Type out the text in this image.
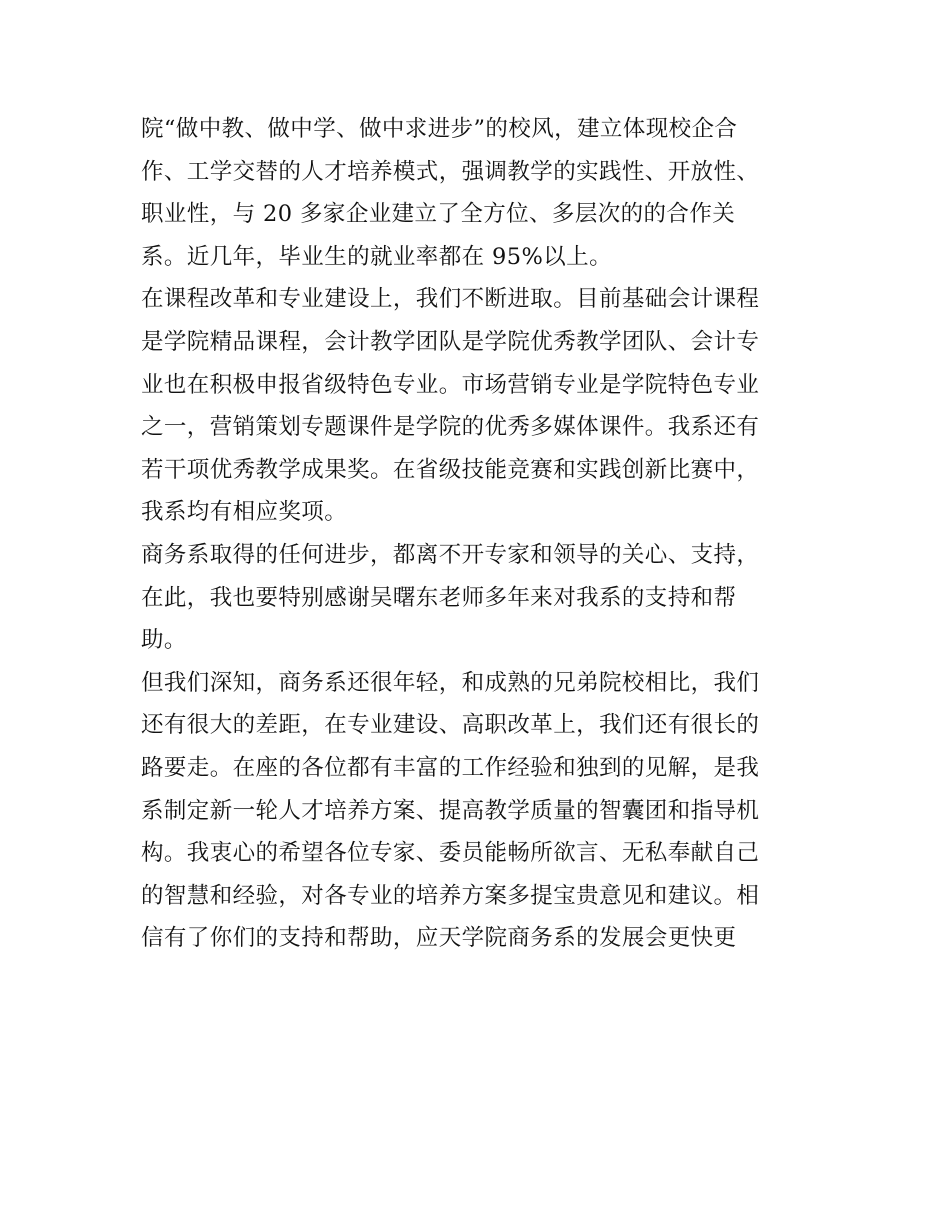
院“做中教、做中学、做中求进步”的校风，建立体现校企合
作、工学交替的人才培养模式，强调教学的实践性、开放性、
职业性，与 20 多家企业建立了全方位、多层次的的合作关
系。近几年，毕业生的就业率都在 95%以上。
在课程改革和专业建设上，我们不断进取。目前基础会计课程
是学院精品课程，会计教学团队是学院优秀教学团队、会计专
业也在积极申报省级特色专业。市场营销专业是学院特色专业
之一，营销策划专题课件是学院的优秀多媒体课件。我系还有
若干项优秀教学成果奖。在省级技能竞赛和实践创新比赛中，
我系均有相应奖项。
商务系取得的任何进步，都离不开专家和领导的关心、支持，
在此，我也要特别感谢吴曙东老师多年来对我系的支持和帮
助。
但我们深知，商务系还很年轻，和成熟的兄弟院校相比，我们
还有很大的差距，在专业建设、高职改革上，我们还有很长的
路要走。在座的各位都有丰富的工作经验和独到的见解，是我
系制定新一轮人才培养方案、提高教学质量的智囊团和指导机
构。我衷心的希望各位专家、委员能畅所欲言、无私奉献自己
的智慧和经验，对各专业的培养方案多提宝贵意见和建议。相
信有了你们的支持和帮助，应天学院商务系的发展会更快更
